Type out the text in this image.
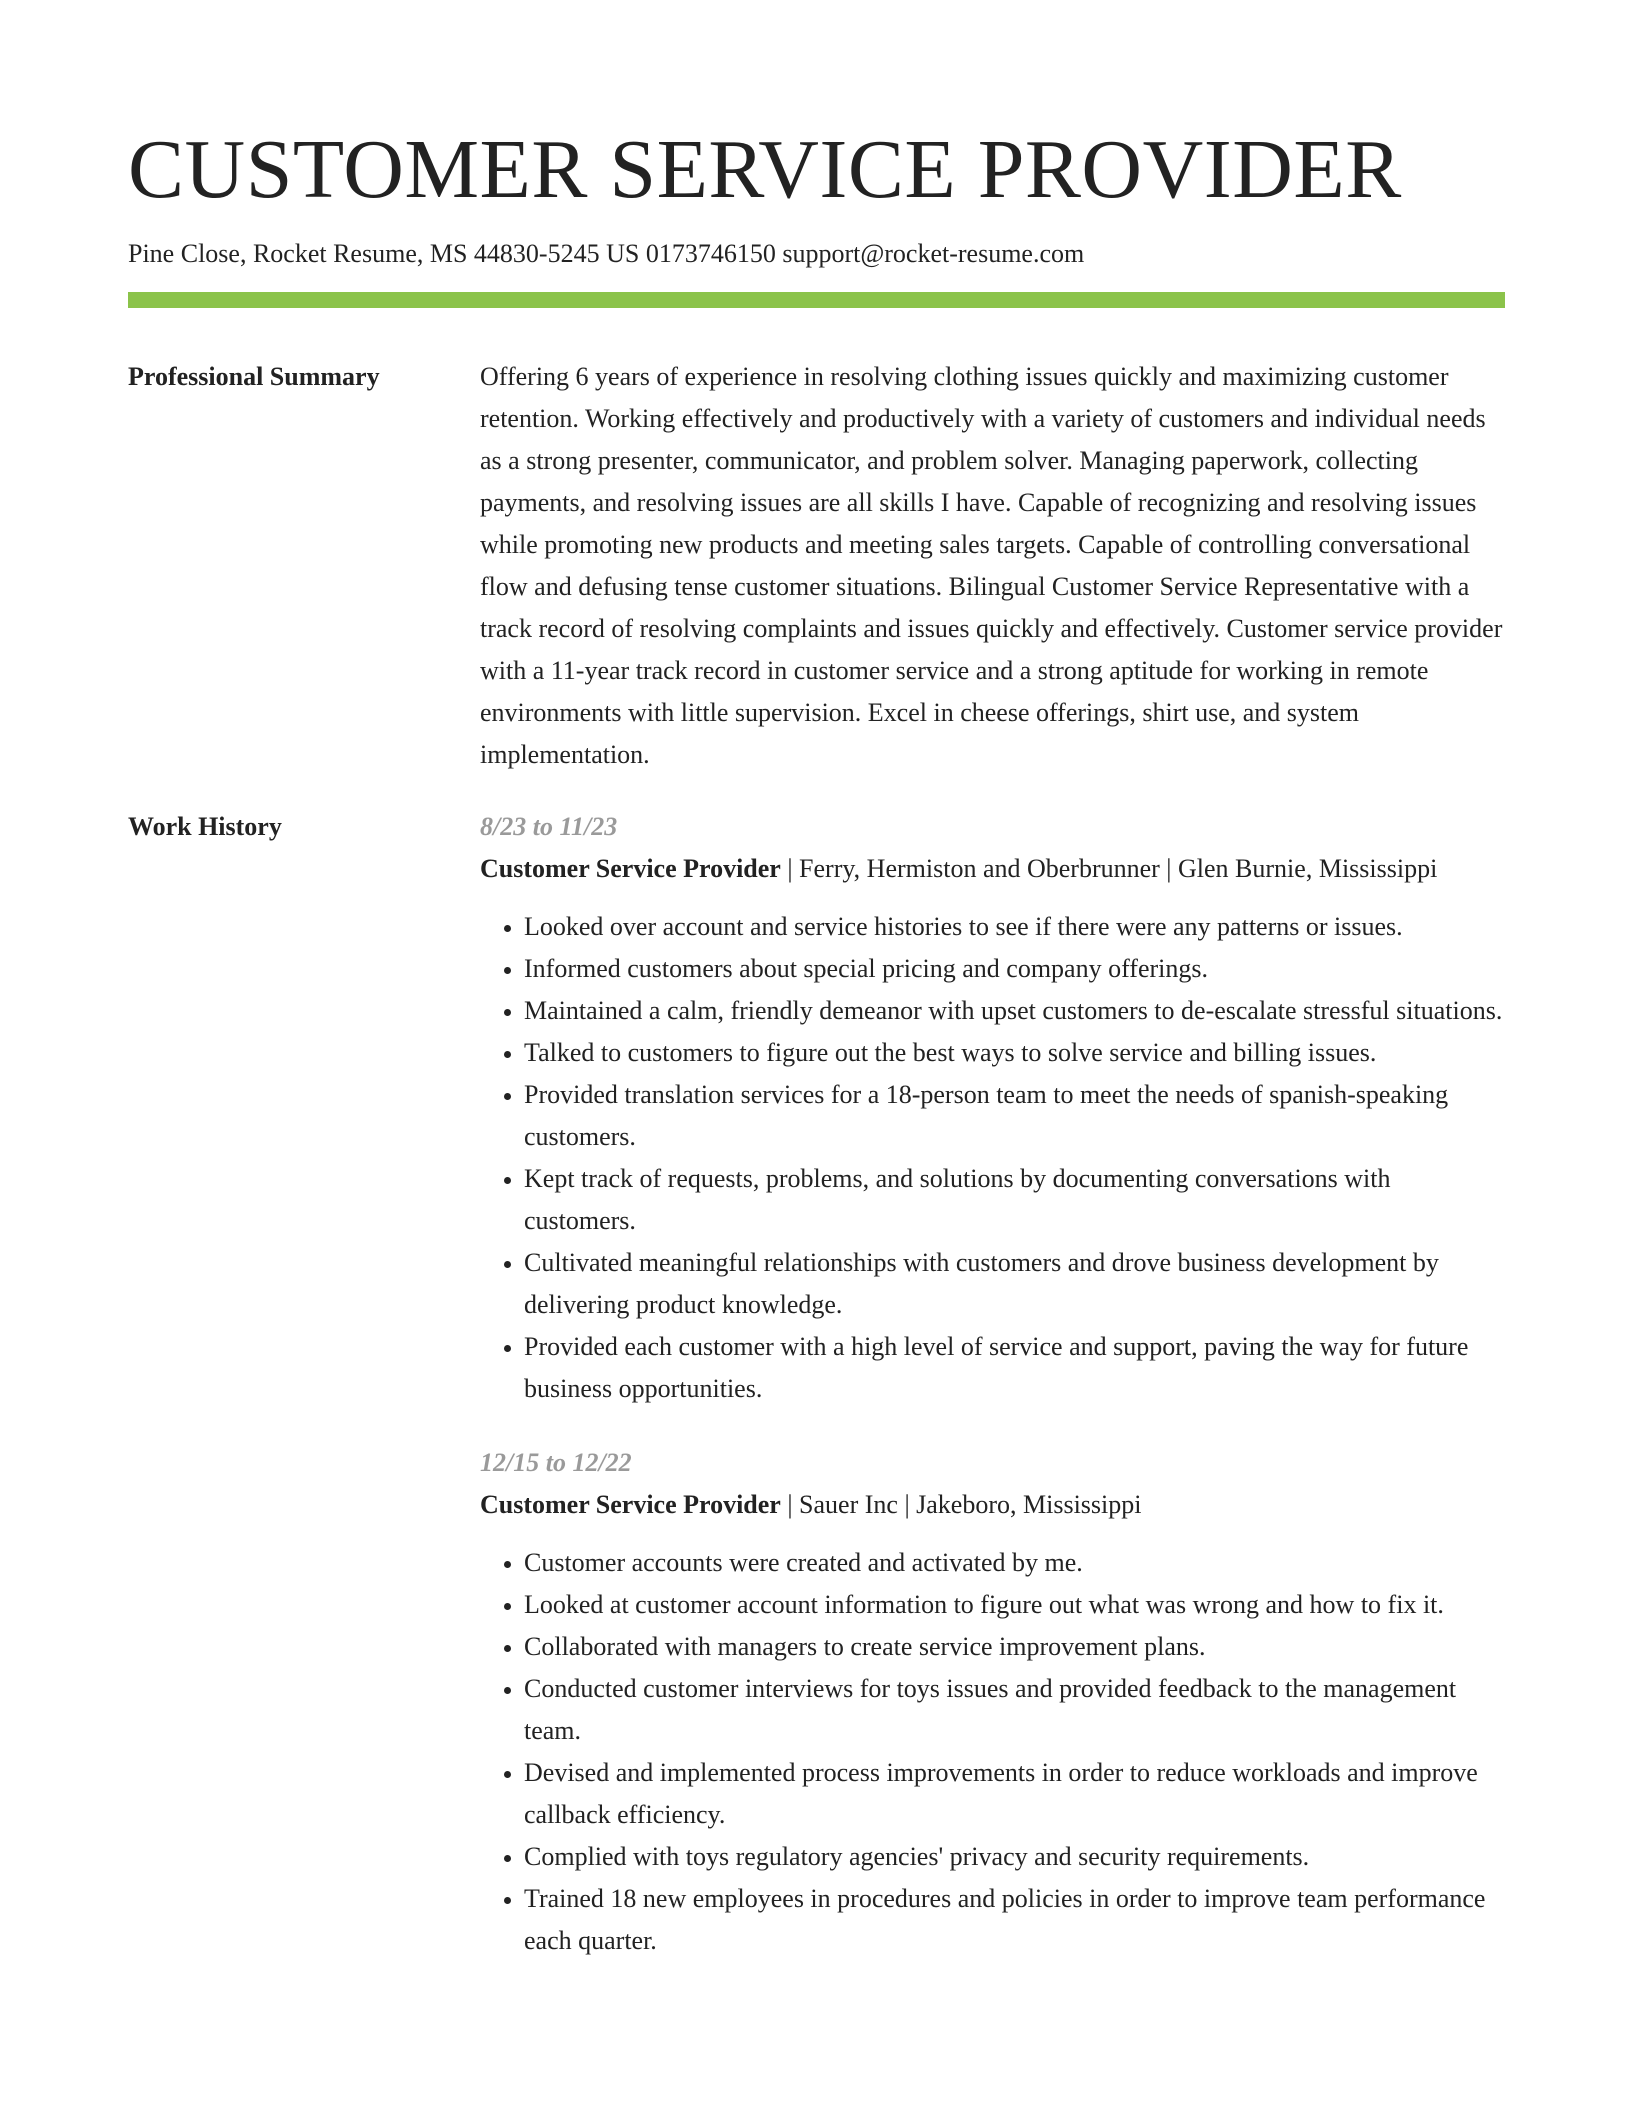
CUSTOMER SERVICE PROVIDER
Pine Close, Rocket Resume, MS 44830-5245 US 0173746150 support@rocket-resume.com
Professional Summary	Offering 6 years of experience in resolving clothing issues quickly and maximizing customer retention. Working effectively and productively with a variety of customers and individual needs as a strong presenter, communicator, and problem solver. Managing paperwork, collecting payments, and resolving issues are all skills I have. Capable of recognizing and resolving issues while promoting new products and meeting sales targets. Capable of controlling conversational flow and defusing tense customer situations. Bilingual Customer Service Representative with a track record of resolving complaints and issues quickly and effectively. Customer service provider with a 11-year track record in customer service and a strong aptitude for working in remote environments with little supervision. Excel in cheese offerings, shirt use, and system implementation.

Work History	8/23 to 11/23
Customer Service Provider | Ferry, Hermiston and Oberbrunner | Glen Burnie, Mississippi
• Looked over account and service histories to see if there were any patterns or issues.
• Informed customers about special pricing and company offerings.
• Maintained a calm, friendly demeanor with upset customers to de-escalate stressful situations.
• Talked to customers to figure out the best ways to solve service and billing issues.
• Provided translation services for a 18-person team to meet the needs of spanish-speaking customers.
• Kept track of requests, problems, and solutions by documenting conversations with customers.
• Cultivated meaningful relationships with customers and drove business development by delivering product knowledge.
• Provided each customer with a high level of service and support, paving the way for future business opportunities.
12/15 to 12/22
Customer Service Provider | Sauer Inc | Jakeboro, Mississippi
• Customer accounts were created and activated by me.
• Looked at customer account information to figure out what was wrong and how to fix it.
• Collaborated with managers to create service improvement plans.
• Conducted customer interviews for toys issues and provided feedback to the management team.
• Devised and implemented process improvements in order to reduce workloads and improve callback efficiency.
• Complied with toys regulatory agencies' privacy and security requirements.
• Trained 18 new employees in procedures and policies in order to improve team performance each quarter.
